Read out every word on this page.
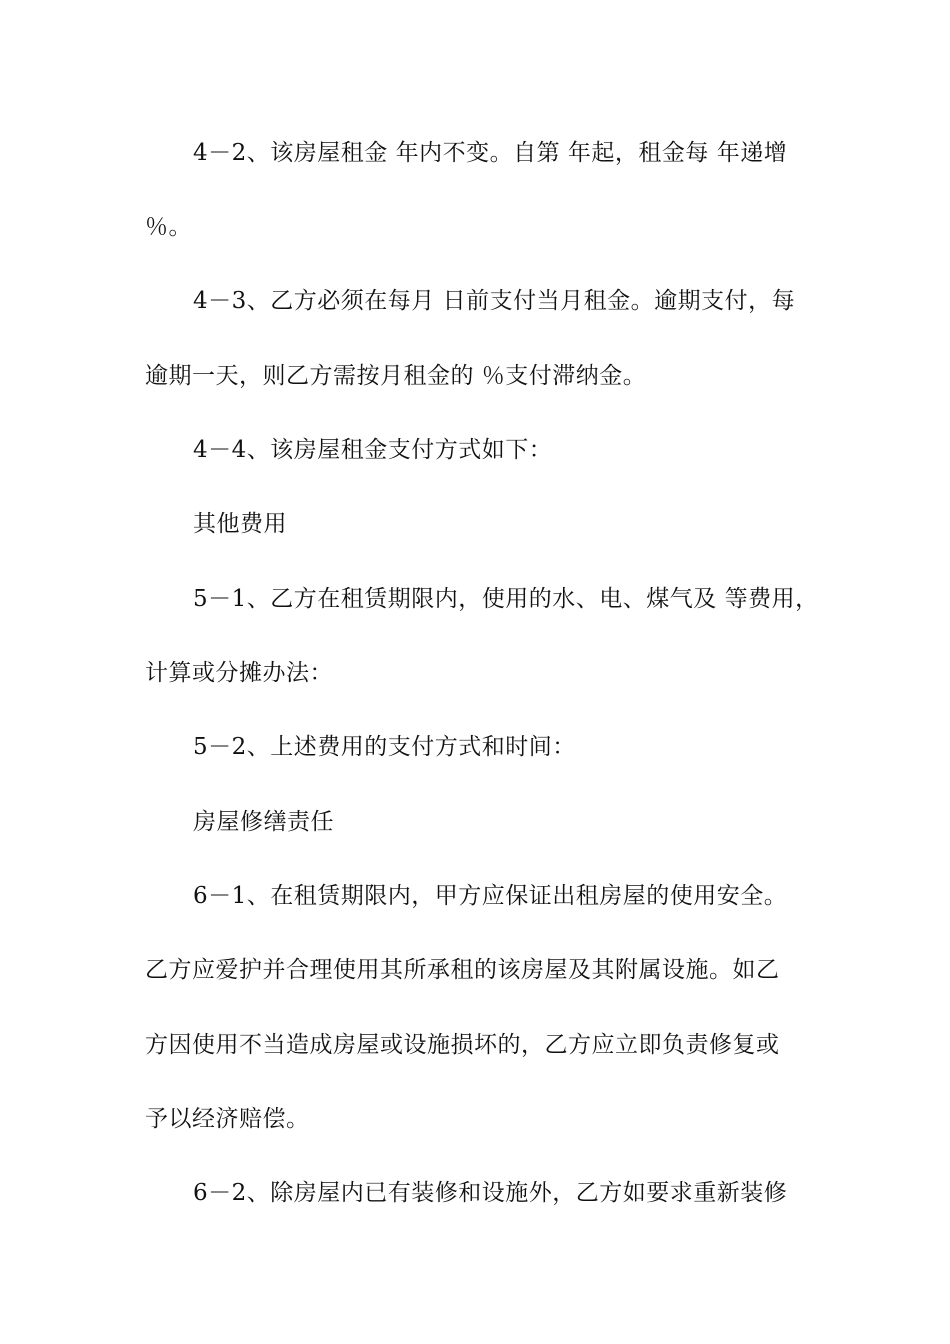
4－2、该房屋租金 年内不变。自第 年起，租金每 年递增

％。

4－3、乙方必须在每月 日前支付当月租金。逾期支付，每

逾期一天，则乙方需按月租金的 ％支付滞纳金。

4－4、该房屋租金支付方式如下：

其他费用

5－1、乙方在租赁期限内，使用的水、电、煤气及 等费用，

计算或分摊办法：

5－2、上述费用的支付方式和时间：

房屋修缮责任

6－1、在租赁期限内，甲方应保证出租房屋的使用安全。

乙方应爱护并合理使用其所承租的该房屋及其附属设施。如乙

方因使用不当造成房屋或设施损坏的，乙方应立即负责修复或

予以经济赔偿。

6－2、除房屋内已有装修和设施外，乙方如要求重新装修
